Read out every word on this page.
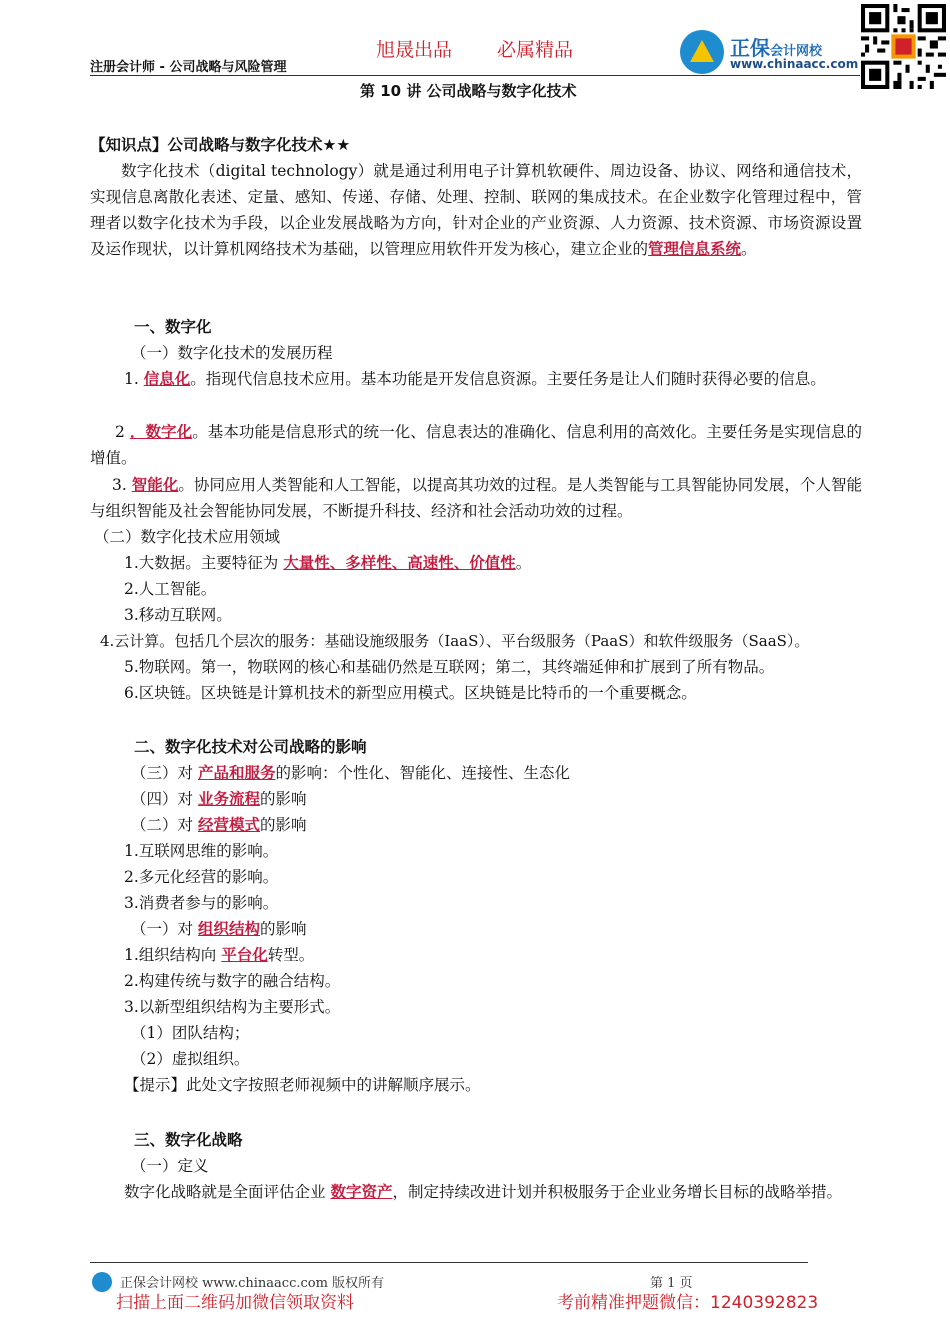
旭晟出品 必属精品
注册会计师 - 公司战略与风险管理
正保会计网校
www.chinaacc.com
第 10 讲 公司战略与数字化技术
【知识点】公司战略与数字化技术★★
数字化技术（digital technology）就是通过利用电子计算机软硬件、周边设备、协议、网络和通信技术，实现信息离散化表述、定量、感知、传递、存储、处理、控制、联网的集成技术。在企业数字化管理过程中，管理者以数字化技术为手段，以企业发展战略为方向，针对企业的产业资源、人力资源、技术资源、市场资源设置及运作现状，以计算机网络技术为基础，以管理应用软件开发为核心，建立企业的管理信息系统。
一、数字化
（一）数字化技术的发展历程
1. 信息化。指现代信息技术应用。基本功能是开发信息资源。主要任务是让人们随时获得必要的信息。
2 ．数字化。基本功能是信息形式的统一化、信息表达的准确化、信息利用的高效化。主要任务是实现信息的增值。
3. 智能化。协同应用人类智能和人工智能，以提高其功效的过程。是人类智能与工具智能协同发展，个人智能与组织智能及社会智能协同发展，不断提升科技、经济和社会活动功效的过程。
（二）数字化技术应用领域
1.大数据。主要特征为 大量性、多样性、高速性、价值性。
2.人工智能。
3.移动互联网。
4.云计算。包括几个层次的服务：基础设施级服务（IaaS）、平台级服务（PaaS）和软件级服务（SaaS）。
5.物联网。第一，物联网的核心和基础仍然是互联网；第二，其终端延伸和扩展到了所有物品。
6.区块链。区块链是计算机技术的新型应用模式。区块链是比特币的一个重要概念。
二、数字化技术对公司战略的影响
（三）对 产品和服务的影响：个性化、智能化、连接性、生态化
（四）对 业务流程的影响
（二）对 经营模式的影响
1.互联网思维的影响。
2.多元化经营的影响。
3.消费者参与的影响。
（一）对 组织结构的影响
1.组织结构向 平台化转型。
2.构建传统与数字的融合结构。
3.以新型组织结构为主要形式。
（1）团队结构；
（2）虚拟组织。
【提示】此处文字按照老师视频中的讲解顺序展示。
三、数字化战略
（一）定义
数字化战略就是全面评估企业 数字资产，制定持续改进计划并积极服务于企业业务增长目标的战略举措。
正保会计网校 www.chinaacc.com 版权所有	第 1 页
扫描上面二维码加微信领取资料	考前精准押题微信：1240392823
